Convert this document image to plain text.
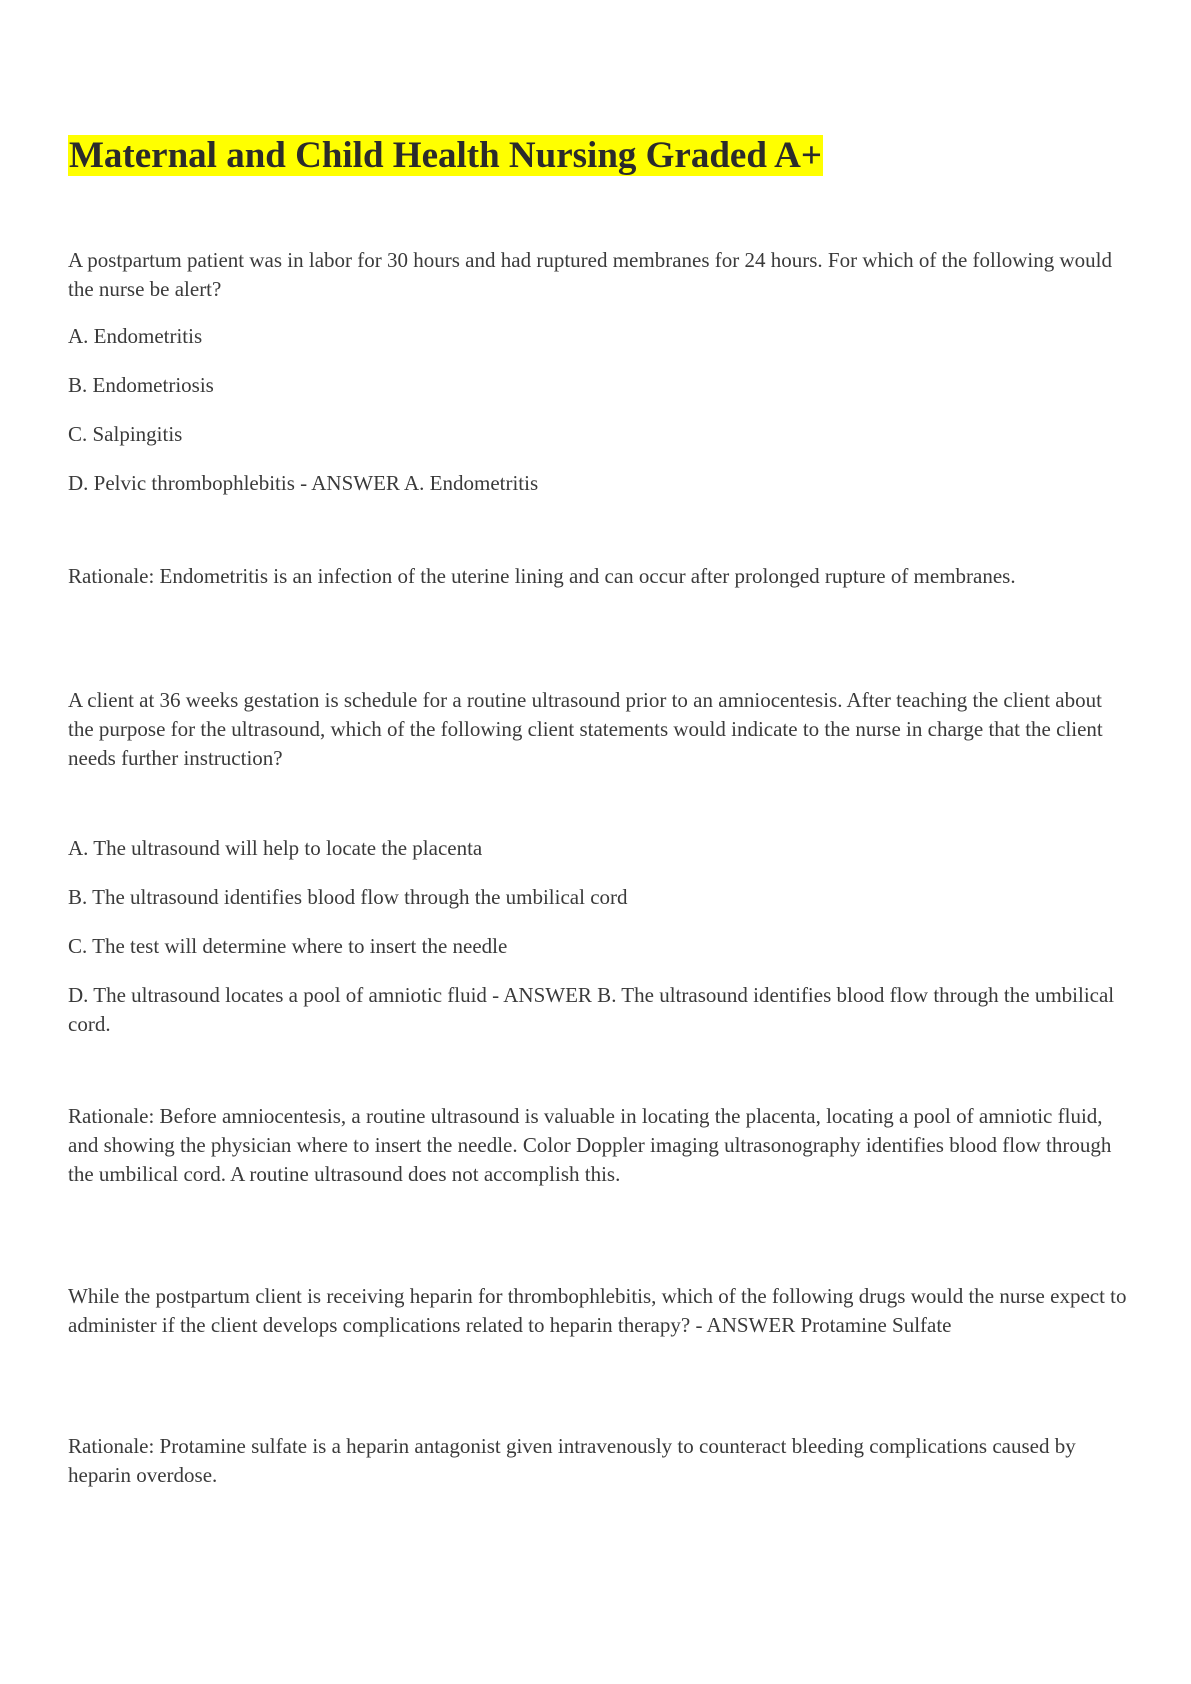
Maternal and Child Health Nursing Graded A+

A postpartum patient was in labor for 30 hours and had ruptured membranes for 24 hours. For which of the following would the nurse be alert?

A. Endometritis

B. Endometriosis

C. Salpingitis

D. Pelvic thrombophlebitis - ANSWER A. Endometritis

Rationale: Endometritis is an infection of the uterine lining and can occur after prolonged rupture of membranes.

A client at 36 weeks gestation is schedule for a routine ultrasound prior to an amniocentesis. After teaching the client about the purpose for the ultrasound, which of the following client statements would indicate to the nurse in charge that the client needs further instruction?

A. The ultrasound will help to locate the placenta

B. The ultrasound identifies blood flow through the umbilical cord

C. The test will determine where to insert the needle

D. The ultrasound locates a pool of amniotic fluid - ANSWER B. The ultrasound identifies blood flow through the umbilical cord.

Rationale: Before amniocentesis, a routine ultrasound is valuable in locating the placenta, locating a pool of amniotic fluid, and showing the physician where to insert the needle. Color Doppler imaging ultrasonography identifies blood flow through the umbilical cord. A routine ultrasound does not accomplish this.

While the postpartum client is receiving heparin for thrombophlebitis, which of the following drugs would the nurse expect to administer if the client develops complications related to heparin therapy? - ANSWER Protamine Sulfate

Rationale: Protamine sulfate is a heparin antagonist given intravenously to counteract bleeding complications caused by heparin overdose.
